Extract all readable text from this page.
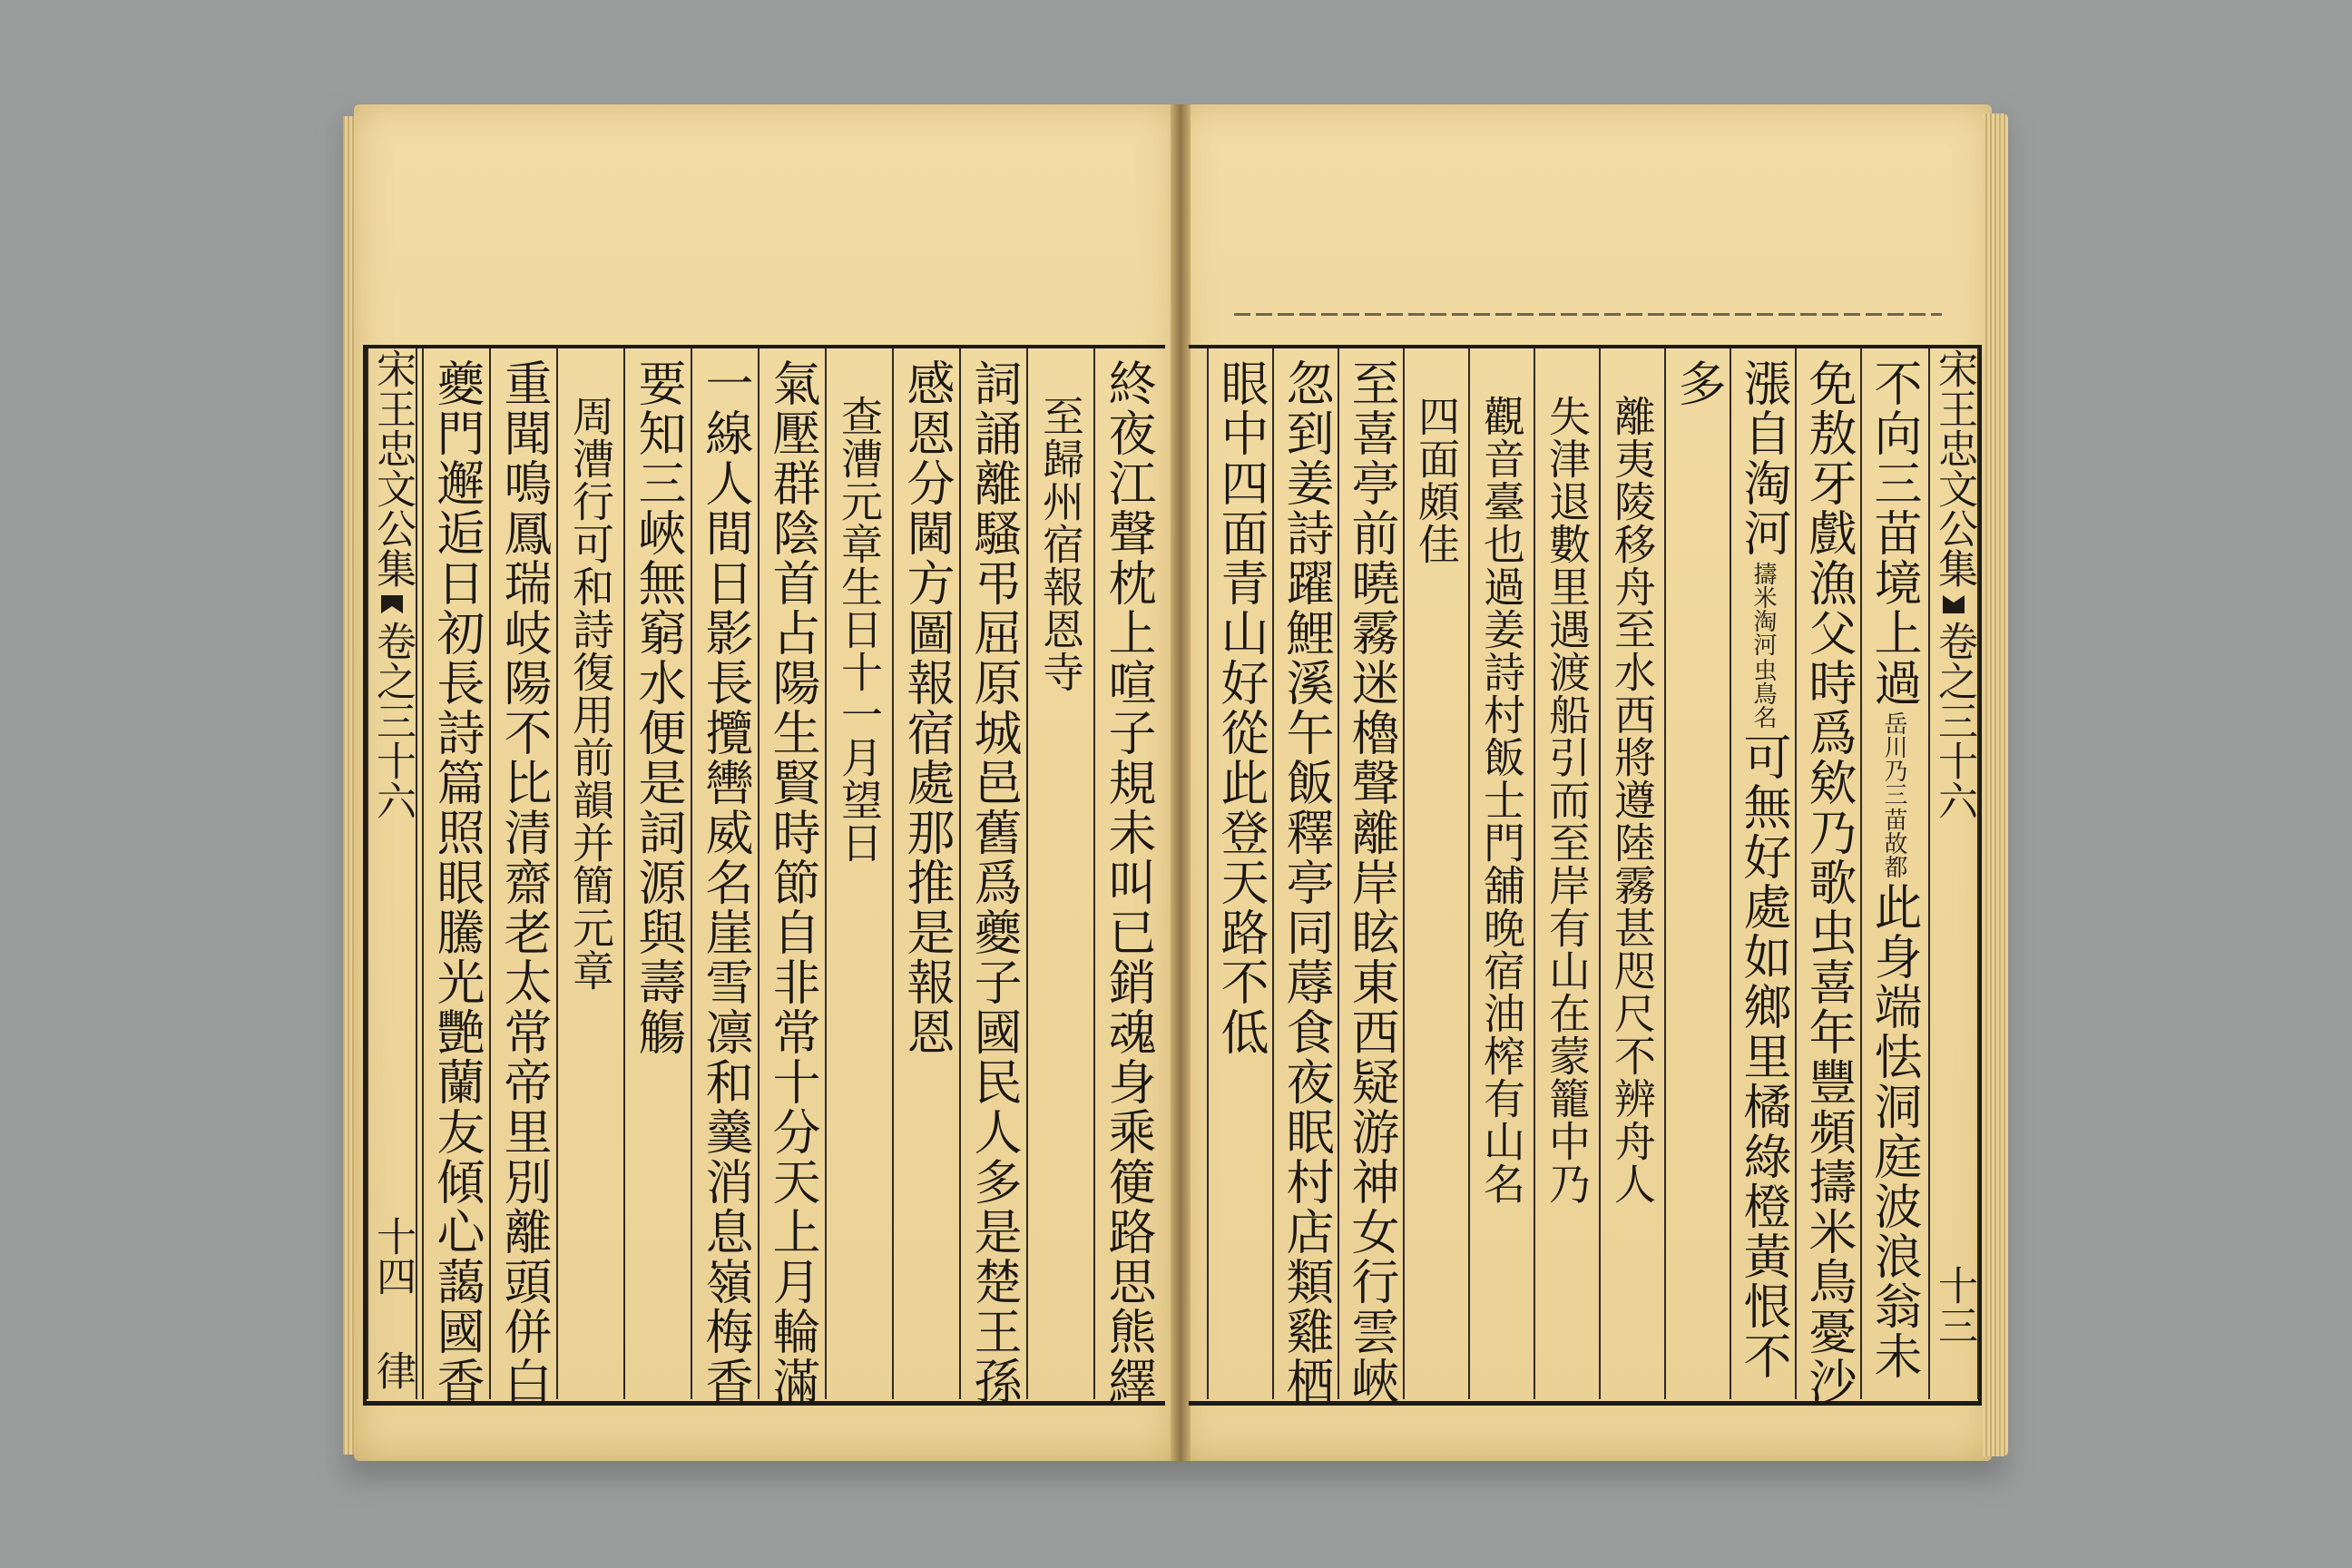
宋王忠文公集
卷之三十六
十四
律	終夜江聲枕上喧子規未叫已銷魂身乘箯路思熊繹
至歸州宿報恩寺
詞誦離騷弔屈原城邑舊爲夔子國民人多是楚王孫
感恩分閫方圖報宿處那推是報恩
查漕元章生日十一月望日
氣壓群陰首占陽生賢時節自非常十分天上月輪滿
一線人間日影長攬轡威名崖雪凛和羹消息嶺梅香
要知三峽無窮水便是詞源與壽觴
周漕行可和詩復用前韻并簡元章
重聞鳴鳳瑞岐陽不比清齋老太常帝里別離頭併白
夔門邂逅日初長詩篇照眼騰光艷蘭友傾心藹國香	宋王忠文公集
卷之三十六
十三
不向三苗境上過
岳川乃三
苗故都
此身端怯洞庭波浪翁未
免敖牙戲漁父時爲欸乃歌虫喜年豐頻擣米鳥憂沙
漲自淘河
擣米淘河
虫鳥名
可無好處如鄉里橘綠橙黃恨不
多
離夷陵移舟至水西將遵陸霧甚咫尺不辨舟人
失津退數里遇渡船引而至岸有山在蒙籠中乃
觀音臺也過姜詩村飯士門舖晚宿油榨有山名
四面頗佳
至喜亭前曉霧迷櫓聲離岸眩東西疑游神女行雲峽
忽到姜詩躍鯉溪午飯釋亭同蓐食夜眠村店類雞栖
眼中四面青山好從此登天路不低
